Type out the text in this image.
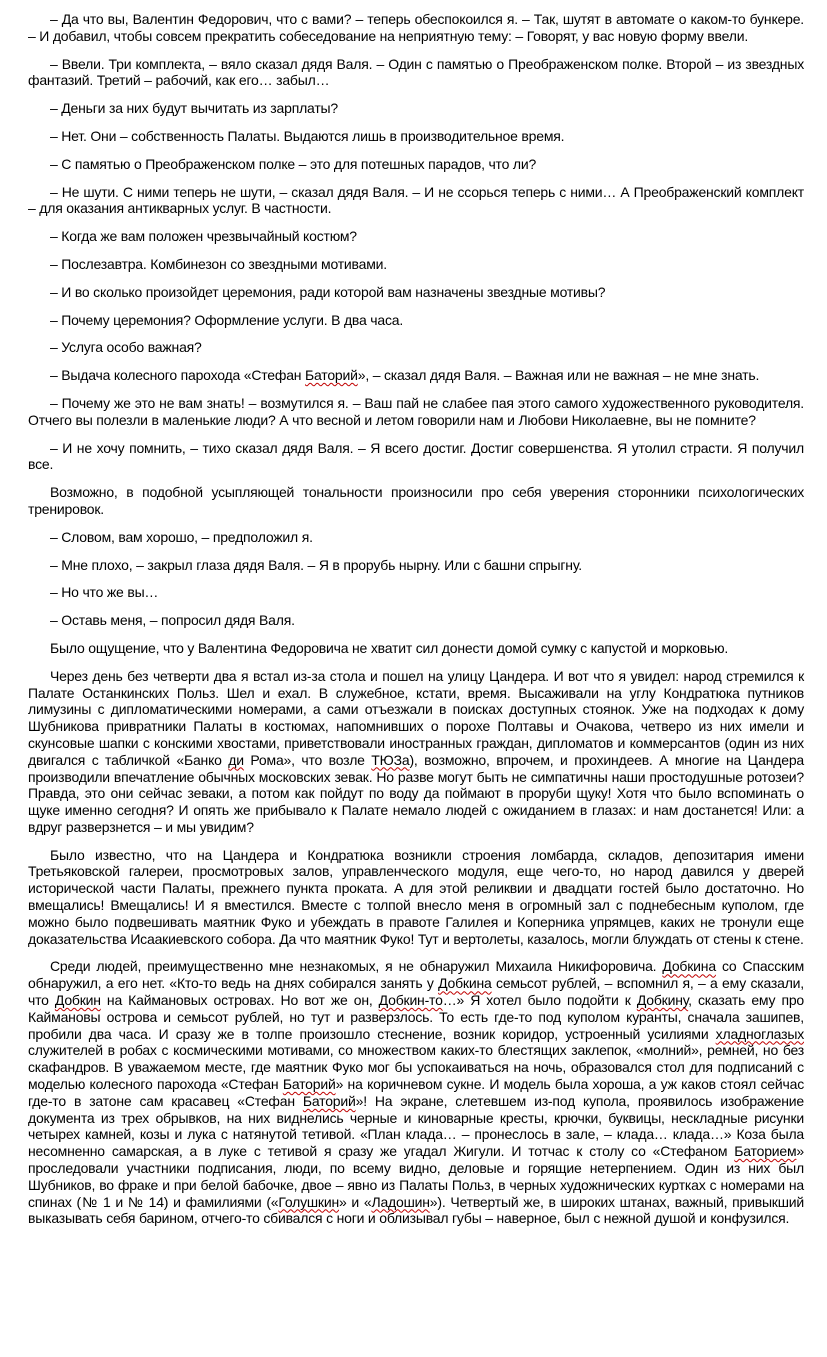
– Да что вы, Валентин Федорович, что с вами? – теперь обеспокоился я. – Так, шутят в автомате о каком-то бункере. – И добавил, чтобы совсем прекратить собеседование на неприятную тему: – Говорят, у вас новую форму ввели.

– Ввели. Три комплекта, – вяло сказал дядя Валя. – Один с памятью о Преображенском полке. Второй – из звездных фантазий. Третий – рабочий, как его… забыл…

– Деньги за них будут вычитать из зарплаты?

– Нет. Они – собственность Палаты. Выдаются лишь в производительное время.

– С памятью о Преображенском полке – это для потешных парадов, что ли?

– Не шути. С ними теперь не шути, – сказал дядя Валя. – И не ссорься теперь с ними… А Преображенский комплект – для оказания антикварных услуг. В частности.

– Когда же вам положен чрезвычайный костюм?

– Послезавтра. Комбинезон со звездными мотивами.

– И во сколько произойдет церемония, ради которой вам назначены звездные мотивы?

– Почему церемония? Оформление услуги. В два часа.

– Услуга особо важная?

– Выдача колесного парохода «Стефан Баторий», – сказал дядя Валя. – Важная или не важная – не мне знать.

– Почему же это не вам знать! – возмутился я. – Ваш пай не слабее пая этого самого художественного руководителя. Отчего вы полезли в маленькие люди? А что весной и летом говорили нам и Любови Николаевне, вы не помните?

– И не хочу помнить, – тихо сказал дядя Валя. – Я всего достиг. Достиг совершенства. Я утолил страсти. Я получил все.

Возможно, в подобной усыпляющей тональности произносили про себя уверения сторонники психологических тренировок.

– Словом, вам хорошо, – предположил я.

– Мне плохо, – закрыл глаза дядя Валя. – Я в прорубь нырну. Или с башни спрыгну.

– Но что же вы…

– Оставь меня, – попросил дядя Валя.

Было ощущение, что у Валентина Федоровича не хватит сил донести домой сумку с капустой и морковью.

Через день без четверти два я встал из-за стола и пошел на улицу Цандера. И вот что я увидел: народ стремился к Палате Останкинских Польз. Шел и ехал. В служебное, кстати, время. Высаживали на углу Кондратюка путников лимузины с дипломатическими номерами, а сами отъезжали в поисках доступных стоянок. Уже на подходах к дому Шубникова привратники Палаты в костюмах, напомнивших о порохе Полтавы и Очакова, четверо из них имели и скунсовые шапки с конскими хвостами, приветствовали иностранных граждан, дипломатов и коммерсантов (один из них двигался с табличкой «Банко ди Рома», что возле ТЮЗа), возможно, впрочем, и прохиндеев. А многие на Цандера производили впечатление обычных московских зевак. Но разве могут быть не симпатичны наши простодушные ротозеи? Правда, это они сейчас зеваки, а потом как пойдут по воду да поймают в проруби щуку! Хотя что было вспоминать о щуке именно сегодня? И опять же прибывало к Палате немало людей с ожиданием в глазах: и нам достанется! Или: а вдруг разверзнется – и мы увидим?

Было известно, что на Цандера и Кондратюка возникли строения ломбарда, складов, депозитария имени Третьяковской галереи, просмотровых залов, управленческого модуля, еще чего-то, но народ давился у дверей исторической части Палаты, прежнего пункта проката. А для этой реликвии и двадцати гостей было достаточно. Но вмещались! Вмещались! И я вместился. Вместе с толпой внесло меня в огромный зал с поднебесным куполом, где можно было подвешивать маятник Фуко и убеждать в правоте Галилея и Коперника упрямцев, каких не тронули еще доказательства Исаакиевского собора. Да что маятник Фуко! Тут и вертолеты, казалось, могли блуждать от стены к стене.

Среди людей, преимущественно мне незнакомых, я не обнаружил Михаила Никифоровича. Добкина со Спасским обнаружил, а его нет. «Кто-то ведь на днях собирался занять у Добкина семьсот рублей, – вспомнил я, – а ему сказали, что Добкин на Каймановых островах. Но вот же он, Добкин-то…» Я хотел было подойти к Добкину, сказать ему про Каймановы острова и семьсот рублей, но тут и разверзлось. То есть где-то под куполом куранты, сначала зашипев, пробили два часа. И сразу же в толпе произошло стеснение, возник коридор, устроенный усилиями хладноглазых служителей в робах с космическими мотивами, со множеством каких-то блестящих заклепок, «молний», ремней, но без скафандров. В уважаемом месте, где маятник Фуко мог бы успокаиваться на ночь, образовался стол для подписаний с моделью колесного парохода «Стефан Баторий» на коричневом сукне. И модель была хороша, а уж каков стоял сейчас где-то в затоне сам красавец «Стефан Баторий»! На экране, слетевшем из-под купола, проявилось изображение документа из трех обрывков, на них виднелись черные и киноварные кресты, крючки, буквицы, нескладные рисунки четырех камней, козы и лука с натянутой тетивой. «План клада… – пронеслось в зале, – клада… клада…» Коза была несомненно самарская, а в луке с тетивой я сразу же угадал Жигули. И тотчас к столу со «Стефаном Баторием» проследовали участники подписания, люди, по всему видно, деловые и горящие нетерпением. Один из них был Шубников, во фраке и при белой бабочке, двое – явно из Палаты Польз, в черных художнических куртках с номерами на спинах (№ 1 и № 14) и фамилиями («Голушкин» и «Ладошин»). Четвертый же, в широких штанах, важный, привыкший выказывать себя барином, отчего-то сбивался с ноги и облизывал губы – наверное, был с нежной душой и конфузился.
